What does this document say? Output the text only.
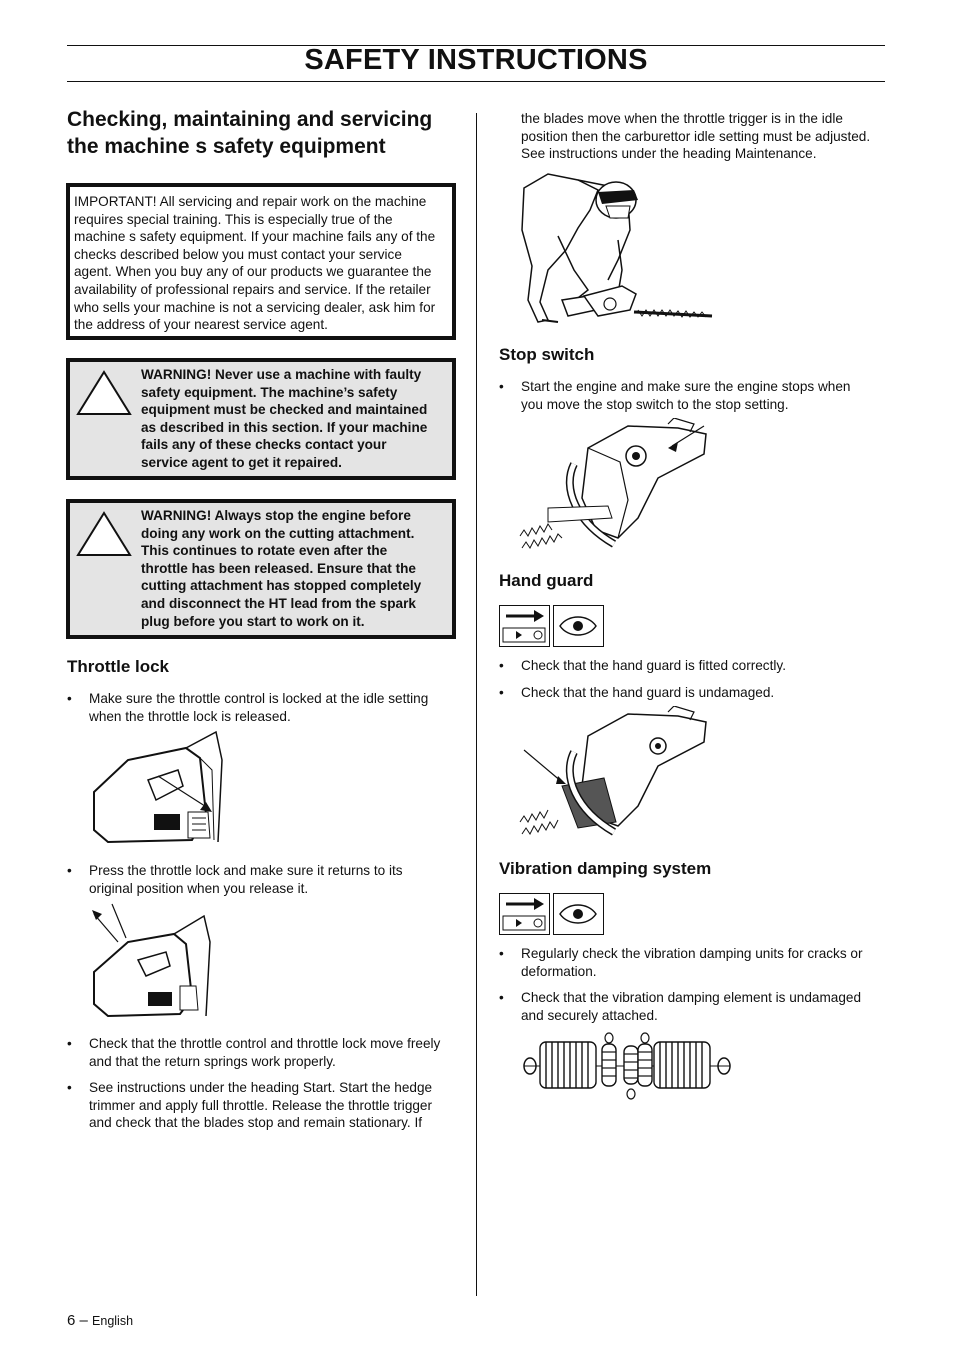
SAFETY INSTRUCTIONS
Checking, maintaining and servicing
the machine s safety equipment
IMPORTANT! All servicing and repair work on the machine
requires special training. This is especially true of the
machine s safety equipment. If your machine fails any of the
checks described below you must contact your service
agent. When you buy any of our products we guarantee the
availability of professional repairs and service. If the retailer
who sells your machine is not a servicing dealer, ask him for
the address of your nearest service agent.
WARNING! Never use a machine with faulty
safety equipment. The machine’s safety
equipment must be checked and maintained
as described in this section. If your machine
fails any of these checks contact your
service agent to get it repaired.
WARNING! Always stop the engine before
doing any work on the cutting attachment.
This continues to rotate even after the
throttle has been released. Ensure that the
cutting attachment has stopped completely
and disconnect the HT lead from the spark
plug before you start to work on it.
Throttle lock
• Make sure the throttle control is locked at the idle setting
when the throttle lock is released.
• Press the throttle lock and make sure it returns to its
original position when you release it.
• Check that the throttle control and throttle lock move freely
and that the return springs work properly.
• See instructions under the heading Start. Start the hedge
trimmer and apply full throttle. Release the throttle trigger
and check that the blades stop and remain stationary. If
the blades move when the throttle trigger is in the idle
position then the carburettor idle setting must be adjusted.
See instructions under the heading Maintenance.
Stop switch
• Start the engine and make sure the engine stops when
you move the stop switch to the stop setting.
Hand guard
• Check that the hand guard is fitted correctly.
• Check that the hand guard is undamaged.
Vibration damping system
• Regularly check the vibration damping units for cracks or
deformation.
• Check that the vibration damping element is undamaged
and securely attached.
6 – English
